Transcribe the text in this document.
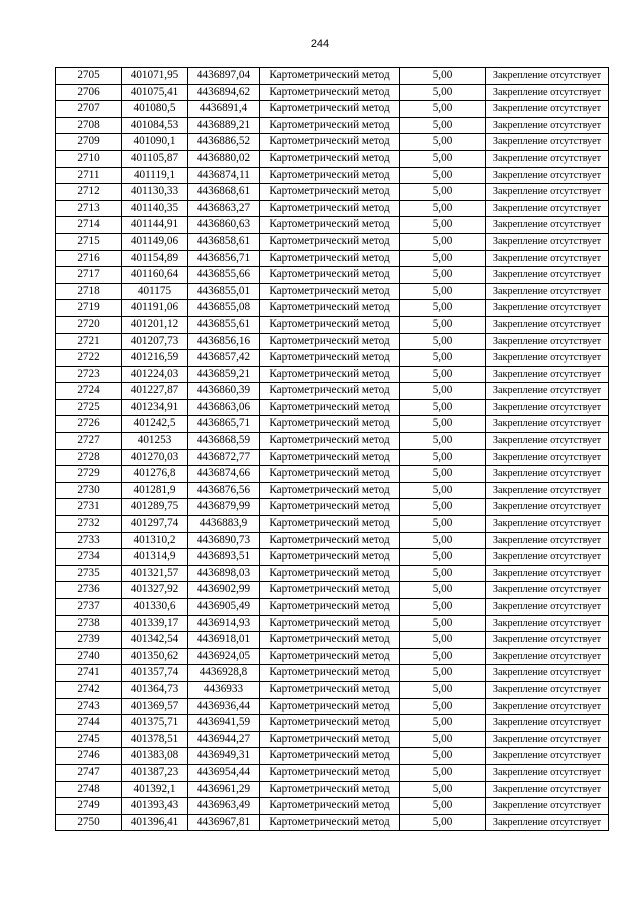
244
2705	401071,95	4436897,04	Картометрический метод	5,00	Закрепление отсутствует
2706	401075,41	4436894,62	Картометрический метод	5,00	Закрепление отсутствует
2707	401080,5	4436891,4	Картометрический метод	5,00	Закрепление отсутствует
2708	401084,53	4436889,21	Картометрический метод	5,00	Закрепление отсутствует
2709	401090,1	4436886,52	Картометрический метод	5,00	Закрепление отсутствует
2710	401105,87	4436880,02	Картометрический метод	5,00	Закрепление отсутствует
2711	401119,1	4436874,11	Картометрический метод	5,00	Закрепление отсутствует
2712	401130,33	4436868,61	Картометрический метод	5,00	Закрепление отсутствует
2713	401140,35	4436863,27	Картометрический метод	5,00	Закрепление отсутствует
2714	401144,91	4436860,63	Картометрический метод	5,00	Закрепление отсутствует
2715	401149,06	4436858,61	Картометрический метод	5,00	Закрепление отсутствует
2716	401154,89	4436856,71	Картометрический метод	5,00	Закрепление отсутствует
2717	401160,64	4436855,66	Картометрический метод	5,00	Закрепление отсутствует
2718	401175	4436855,01	Картометрический метод	5,00	Закрепление отсутствует
2719	401191,06	4436855,08	Картометрический метод	5,00	Закрепление отсутствует
2720	401201,12	4436855,61	Картометрический метод	5,00	Закрепление отсутствует
2721	401207,73	4436856,16	Картометрический метод	5,00	Закрепление отсутствует
2722	401216,59	4436857,42	Картометрический метод	5,00	Закрепление отсутствует
2723	401224,03	4436859,21	Картометрический метод	5,00	Закрепление отсутствует
2724	401227,87	4436860,39	Картометрический метод	5,00	Закрепление отсутствует
2725	401234,91	4436863,06	Картометрический метод	5,00	Закрепление отсутствует
2726	401242,5	4436865,71	Картометрический метод	5,00	Закрепление отсутствует
2727	401253	4436868,59	Картометрический метод	5,00	Закрепление отсутствует
2728	401270,03	4436872,77	Картометрический метод	5,00	Закрепление отсутствует
2729	401276,8	4436874,66	Картометрический метод	5,00	Закрепление отсутствует
2730	401281,9	4436876,56	Картометрический метод	5,00	Закрепление отсутствует
2731	401289,75	4436879,99	Картометрический метод	5,00	Закрепление отсутствует
2732	401297,74	4436883,9	Картометрический метод	5,00	Закрепление отсутствует
2733	401310,2	4436890,73	Картометрический метод	5,00	Закрепление отсутствует
2734	401314,9	4436893,51	Картометрический метод	5,00	Закрепление отсутствует
2735	401321,57	4436898,03	Картометрический метод	5,00	Закрепление отсутствует
2736	401327,92	4436902,99	Картометрический метод	5,00	Закрепление отсутствует
2737	401330,6	4436905,49	Картометрический метод	5,00	Закрепление отсутствует
2738	401339,17	4436914,93	Картометрический метод	5,00	Закрепление отсутствует
2739	401342,54	4436918,01	Картометрический метод	5,00	Закрепление отсутствует
2740	401350,62	4436924,05	Картометрический метод	5,00	Закрепление отсутствует
2741	401357,74	4436928,8	Картометрический метод	5,00	Закрепление отсутствует
2742	401364,73	4436933	Картометрический метод	5,00	Закрепление отсутствует
2743	401369,57	4436936,44	Картометрический метод	5,00	Закрепление отсутствует
2744	401375,71	4436941,59	Картометрический метод	5,00	Закрепление отсутствует
2745	401378,51	4436944,27	Картометрический метод	5,00	Закрепление отсутствует
2746	401383,08	4436949,31	Картометрический метод	5,00	Закрепление отсутствует
2747	401387,23	4436954,44	Картометрический метод	5,00	Закрепление отсутствует
2748	401392,1	4436961,29	Картометрический метод	5,00	Закрепление отсутствует
2749	401393,43	4436963,49	Картометрический метод	5,00	Закрепление отсутствует
2750	401396,41	4436967,81	Картометрический метод	5,00	Закрепление отсутствует
